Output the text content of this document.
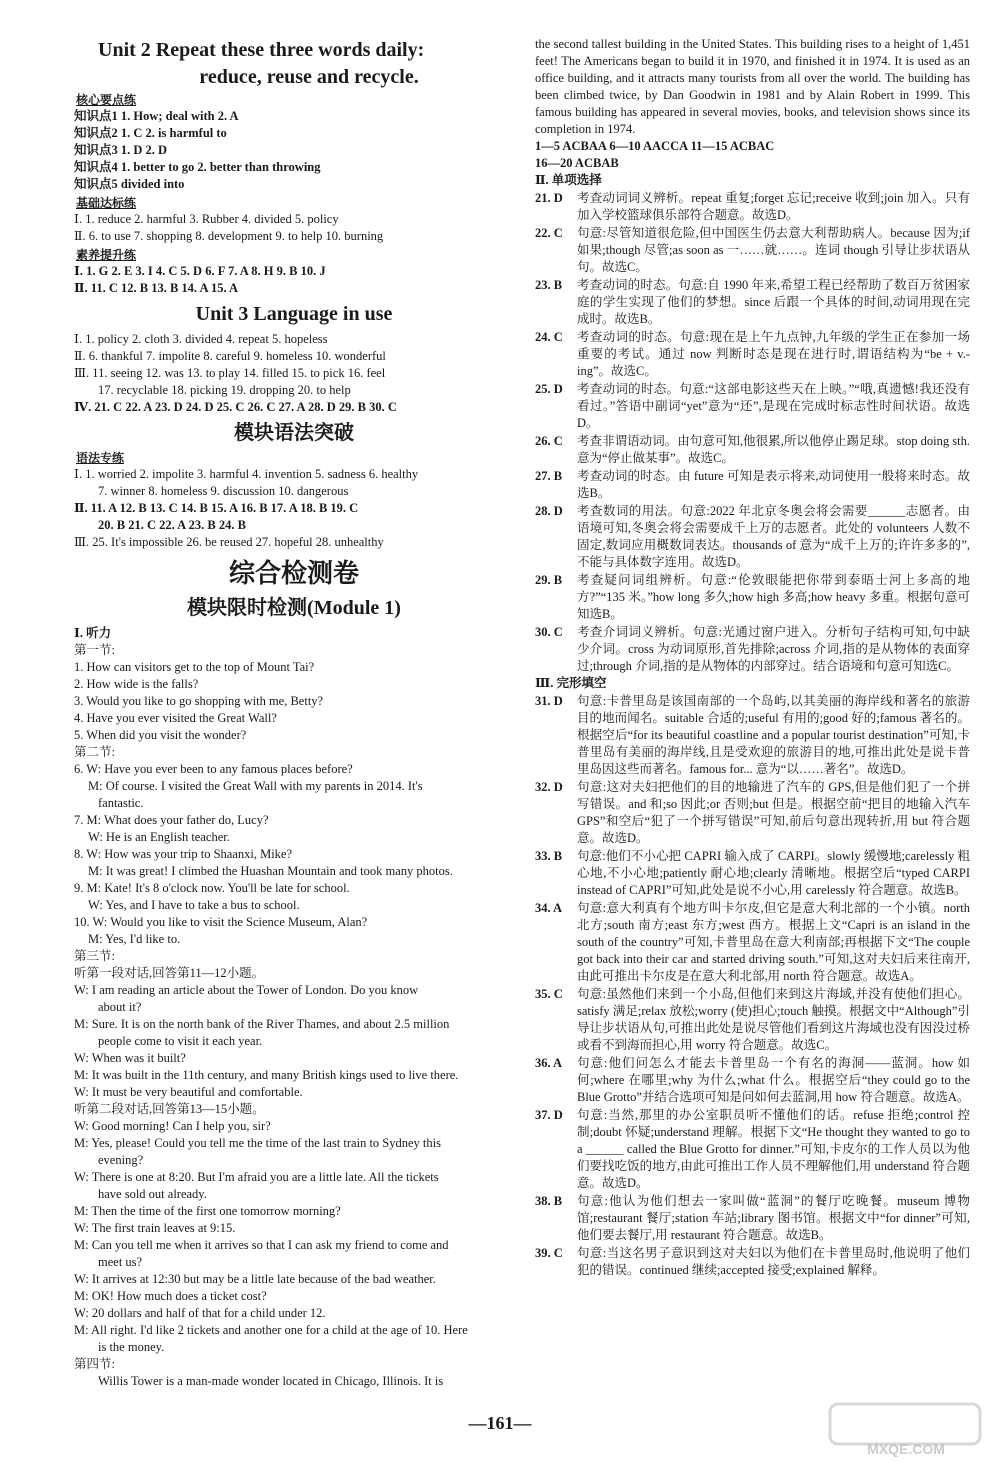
Unit 2 Repeat these three words daily:
reduce, reuse and recycle.
核心要点练
知识点1 1. How; deal with 2. A
知识点2 1. C 2. is harmful to
知识点3 1. D 2. D
知识点4 1. better to go 2. better than throwing
知识点5 divided into
基础达标练
Ⅰ. 1. reduce 2. harmful 3. Rubber 4. divided 5. policy
Ⅱ. 6. to use 7. shopping 8. development 9. to help 10. burning
素养提升练
Ⅰ. 1. G 2. E 3. I 4. C 5. D 6. F 7. A 8. H 9. B 10. J
Ⅱ. 11. C 12. B 13. B 14. A 15. A
Unit 3 Language in use
Ⅰ. 1. policy 2. cloth 3. divided 4. repeat 5. hopeless
Ⅱ. 6. thankful 7. impolite 8. careful 9. homeless 10. wonderful
Ⅲ. 11. seeing 12. was 13. to play 14. filled 15. to pick 16. feel
17. recyclable 18. picking 19. dropping 20. to help
Ⅳ. 21. C 22. A 23. D 24. D 25. C 26. C 27. A 28. D 29. B 30. C
模块语法突破
语法专练
Ⅰ. 1. worried 2. impolite 3. harmful 4. invention 5. sadness 6. healthy
7. winner 8. homeless 9. discussion 10. dangerous
Ⅱ. 11. A 12. B 13. C 14. B 15. A 16. B 17. A 18. B 19. C
20. B 21. C 22. A 23. B 24. B
Ⅲ. 25. It's impossible 26. be reused 27. hopeful 28. unhealthy
综合检测卷
模块限时检测(Module 1)
Ⅰ. 听力
第一节:
1. How can visitors get to the top of Mount Tai?
2. How wide is the falls?
3. Would you like to go shopping with me, Betty?
4. Have you ever visited the Great Wall?
5. When did you visit the wonder?
第二节:
6. W: Have you ever been to any famous places before?
M: Of course. I visited the Great Wall with my parents in 2014. It's
fantastic.
7. M: What does your father do, Lucy?
W: He is an English teacher.
8. W: How was your trip to Shaanxi, Mike?
M: It was great! I climbed the Huashan Mountain and took many photos.
9. M: Kate! It's 8 o'clock now. You'll be late for school.
W: Yes, and I have to take a bus to school.
10. W: Would you like to visit the Science Museum, Alan?
M: Yes, I'd like to.
第三节:
听第一段对话,回答第11—12小题。
W: I am reading an article about the Tower of London. Do you know
about it?
M: Sure. It is on the north bank of the River Thames, and about 2.5 million
people come to visit it each year.
W: When was it built?
M: It was built in the 11th century, and many British kings used to live there.
W: It must be very beautiful and comfortable.
听第二段对话,回答第13—15小题。
W: Good morning! Can I help you, sir?
M: Yes, please! Could you tell me the time of the last train to Sydney this
evening?
W: There is one at 8:20. But I'm afraid you are a little late. All the tickets
have sold out already.
M: Then the time of the first one tomorrow morning?
W: The first train leaves at 9:15.
M: Can you tell me when it arrives so that I can ask my friend to come and
meet us?
W: It arrives at 12:30 but may be a little late because of the bad weather.
M: OK! How much does a ticket cost?
W: 20 dollars and half of that for a child under 12.
M: All right. I'd like 2 tickets and another one for a child at the age of 10. Here
is the money.
第四节:
Willis Tower is a man-made wonder located in Chicago, Illinois. It is
the second tallest building in the United States. This building rises to a height of 1,451 feet! The Americans began to build it in 1970, and finished it in 1974. It is used as an office building, and it attracts many tourists from all over the world. The building has been climbed twice, by Dan Goodwin in 1981 and by Alain Robert in 1999. This famous building has appeared in several movies, books, and television shows since its completion in 1974.
1—5 ACBAA 6—10 AACCA 11—15 ACBAC
16—20 ACBAB
Ⅱ. 单项选择
21. D	考查动词词义辨析。repeat 重复;forget 忘记;receive 收到;join 加入。只有加入学校篮球俱乐部符合题意。故选D。
22. C	句意:尽管知道很危险,但中国医生仍去意大利帮助病人。because 因为;if 如果;though 尽管;as soon as 一……就……。连词 though 引导让步状语从句。故选C。
23. B	考查动词的时态。句意:自 1990 年来,希望工程已经帮助了数百万贫困家庭的学生实现了他们的梦想。since 后跟一个具体的时间,动词用现在完成时。故选B。
24. C	考查动词的时态。句意:现在是上午九点钟,九年级的学生正在参加一场重要的考试。通过 now 判断时态是现在进行时,谓语结构为“be + v.-ing”。故选C。
25. D	考查动词的时态。句意:“这部电影这些天在上映。”“哦,真遗憾!我还没有看过。”答语中副词“yet”意为“还”,是现在完成时标志性时间状语。故选D。
26. C	考查非谓语动词。由句意可知,他很累,所以他停止踢足球。stop doing sth. 意为“停止做某事”。故选C。
27. B	考查动词的时态。由 future 可知是表示将来,动词使用一般将来时态。故选B。
28. D	考查数词的用法。句意:2022 年北京冬奥会将会需要______志愿者。由语境可知,冬奥会将会需要成千上万的志愿者。此处的 volunteers 人数不固定,数词应用概数词表达。thousands of 意为“成千上万的;许许多多的”,不能与具体数字连用。故选D。
29. B	考查疑问词组辨析。句意:“伦敦眼能把你带到泰晤士河上多高的地方?”“135 米。”how long 多久;how high 多高;how heavy 多重。根据句意可知选B。
30. C	考查介词词义辨析。句意:光通过窗户进入。分析句子结构可知,句中缺少介词。cross 为动词原形,首先排除;across 介词,指的是从物体的表面穿过;through 介词,指的是从物体的内部穿过。结合语境和句意可知选C。
Ⅲ. 完形填空
31. D	句意:卡普里岛是该国南部的一个岛屿,以其美丽的海岸线和著名的旅游目的地而闻名。suitable 合适的;useful 有用的;good 好的;famous 著名的。根据空后“for its beautiful coastline and a popular tourist destination”可知,卡普里岛有美丽的海岸线,且是受欢迎的旅游目的地,可推出此处是说卡普里岛因这些而著名。famous for... 意为“以……著名”。故选D。
32. D	句意:这对夫妇把他们的目的地输进了汽车的 GPS,但是他们犯了一个拼写错误。and 和;so 因此;or 否则;but 但是。根据空前“把目的地输入汽车 GPS”和空后“犯了一个拼写错误”可知,前后句意出现转折,用 but 符合题意。故选D。
33. B	句意:他们不小心把 CAPRI 输入成了 CARPI。slowly 缓慢地;carelessly 粗心地,不小心地;patiently 耐心地;clearly 清晰地。根据空后“typed CARPI instead of CAPRI”可知,此处是说不小心,用 carelessly 符合题意。故选B。
34. A	句意:意大利真有个地方叫卡尔皮,但它是意大利北部的一个小镇。north 北方;south 南方;east 东方;west 西方。根据上文“Capri is an island in the south of the country”可知,卡普里岛在意大利南部;再根据下文“The couple got back into their car and started driving south.”可知,这对夫妇后来往南开,由此可推出卡尔皮是在意大利北部,用 north 符合题意。故选A。
35. C	句意:虽然他们来到一个小岛,但他们来到这片海域,并没有使他们担心。satisfy 满足;relax 放松;worry (使)担心;touch 触摸。根据文中“Although”引导让步状语从句,可推出此处是说尽管他们看到这片海域也没有因没过桥或看不到海而担心,用 worry 符合题意。故选C。
36. A	句意:他们问怎么才能去卡普里岛一个有名的海洞——蓝洞。how 如何;where 在哪里;why 为什么;what 什么。根据空后“they could go to the Blue Grotto”并结合选项可知是问如何去蓝洞,用 how 符合题意。故选A。
37. D	句意:当然,那里的办公室职员听不懂他们的话。refuse 拒绝;control 控制;doubt 怀疑;understand 理解。根据下文“He thought they wanted to go to a ______ called the Blue Grotto for dinner.”可知,卡皮尔的工作人员以为他们要找吃饭的地方,由此可推出工作人员不理解他们,用 understand 符合题意。故选D。
38. B	句意:他认为他们想去一家叫做“蓝洞”的餐厅吃晚餐。museum 博物馆;restaurant 餐厅;station 车站;library 图书馆。根据文中“for dinner”可知,他们要去餐厅,用 restaurant 符合题意。故选B。
39. C	句意:当这名男子意识到这对夫妇以为他们在卡普里岛时,他说明了他们犯的错误。continued 继续;accepted 接受;explained 解释。
—161—
MXQE.COM
